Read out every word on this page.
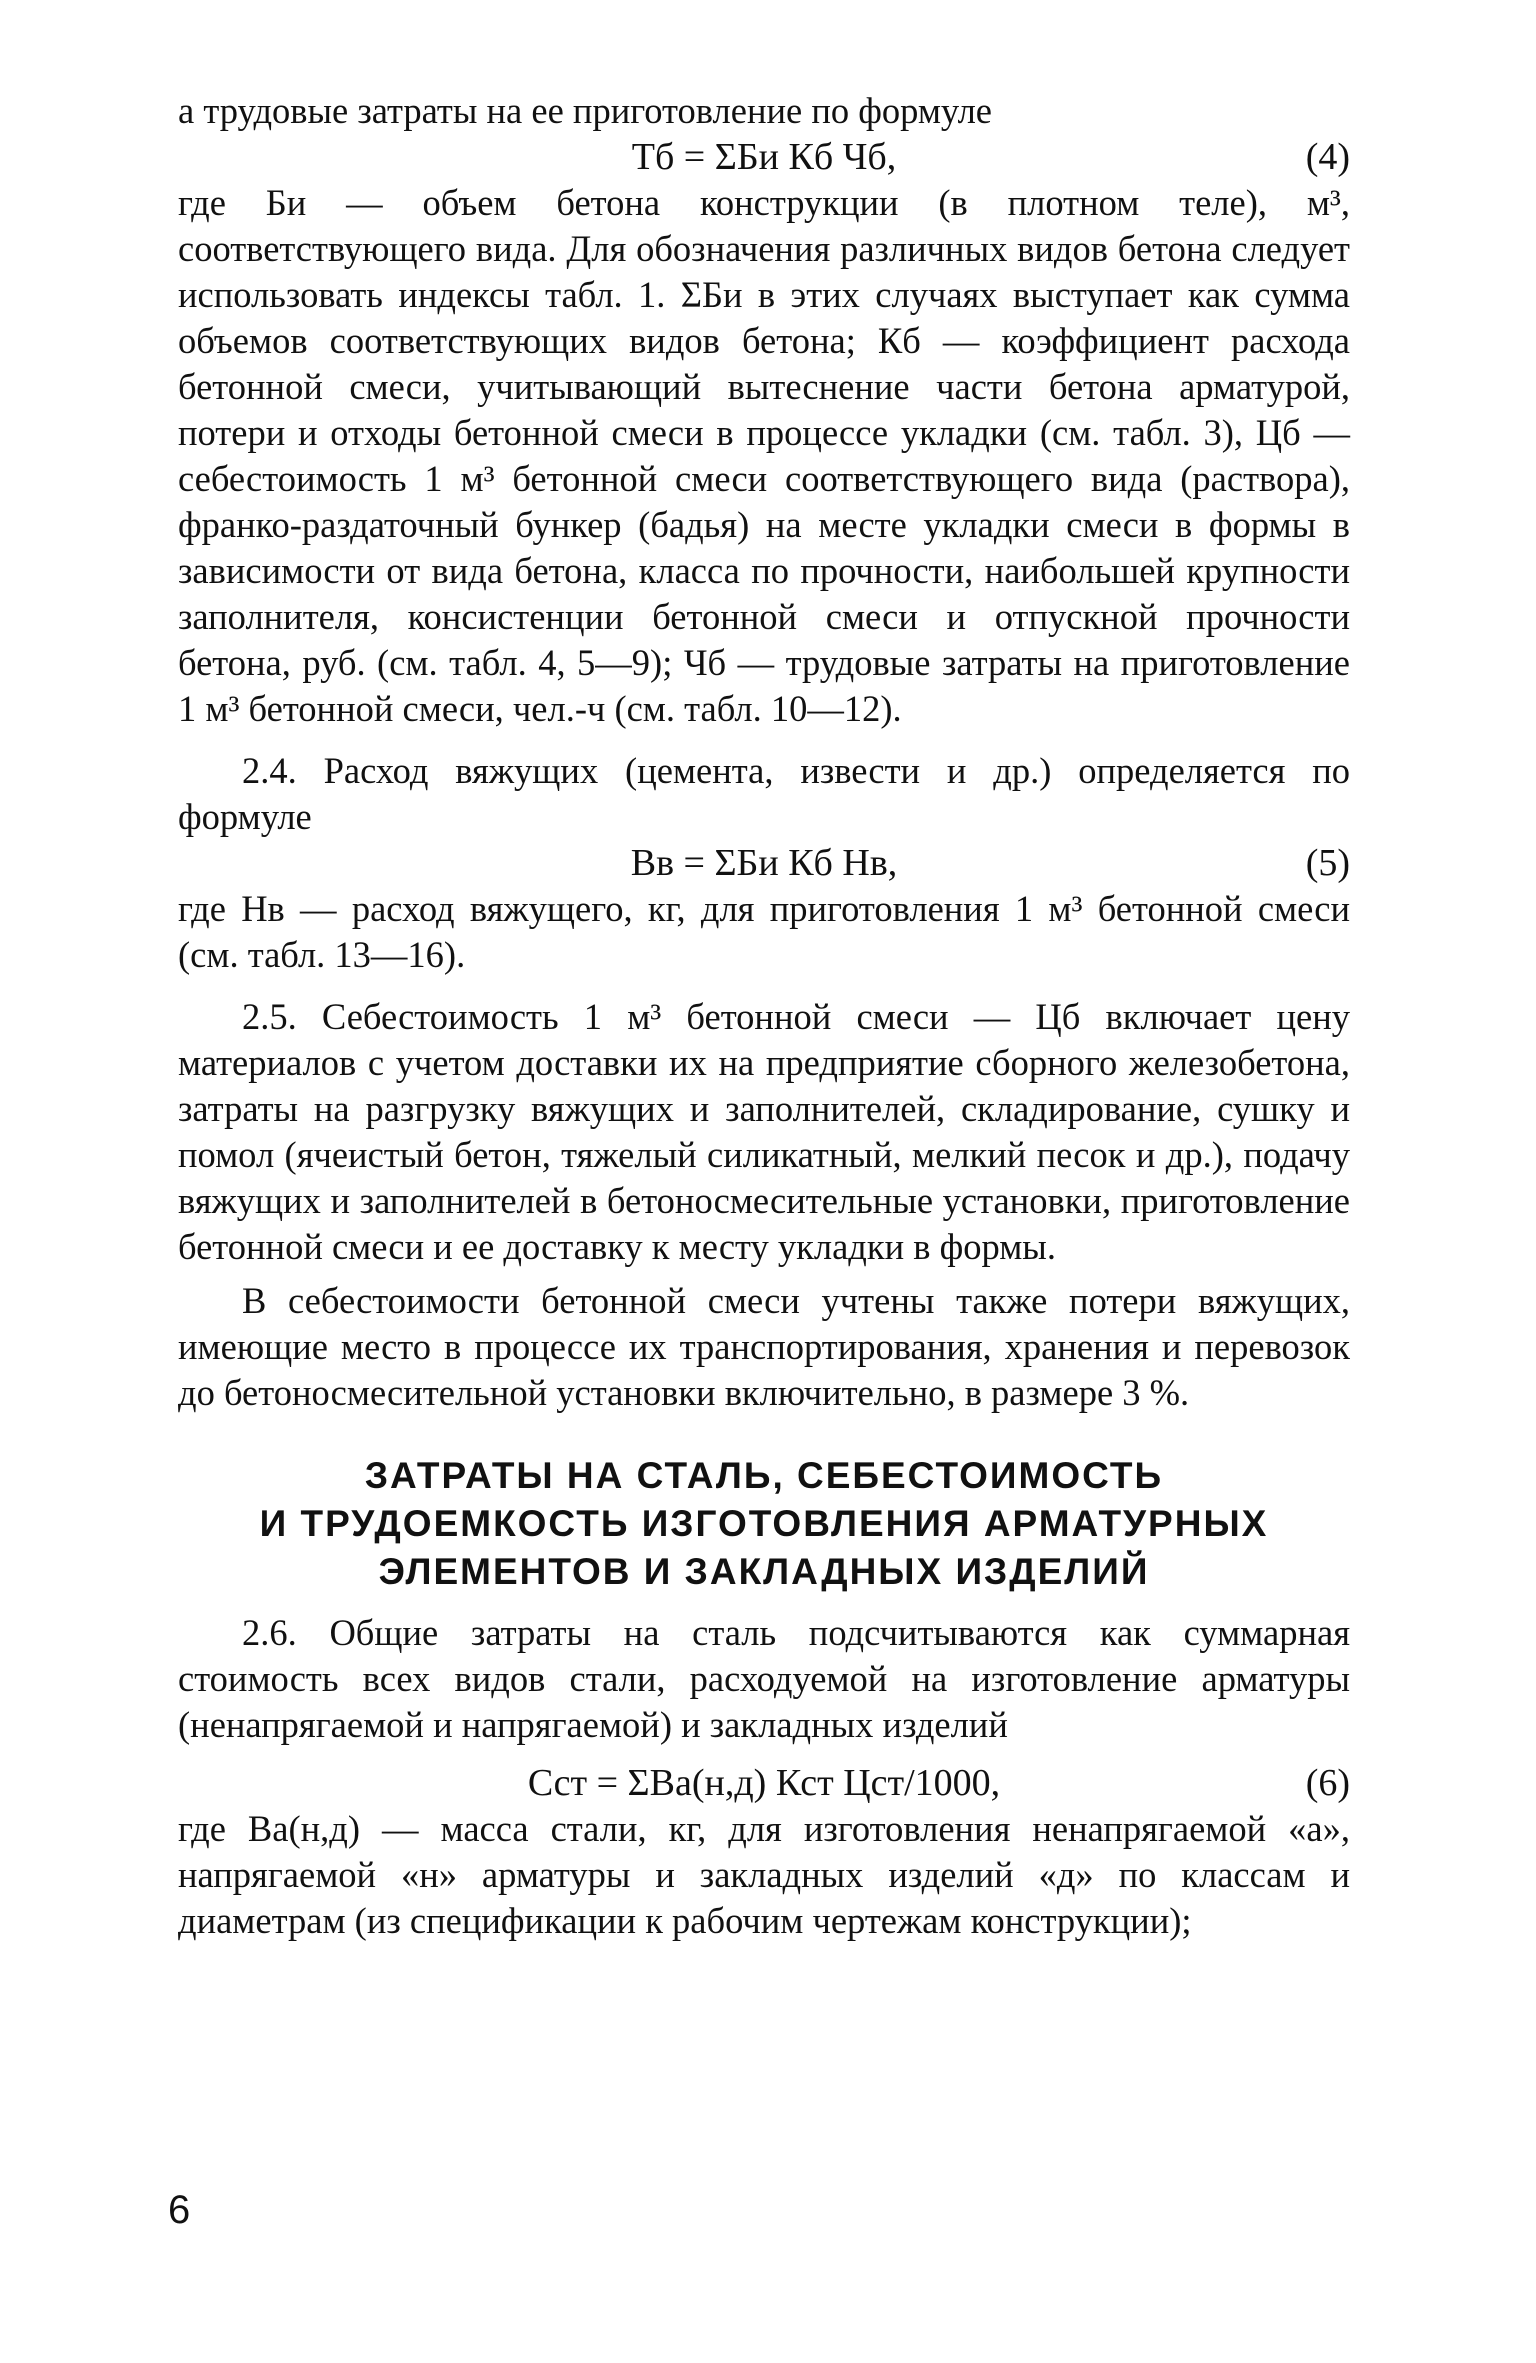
а трудовые затраты на ее приготовление по формуле

Тб = ΣБи Кб Чб,	(4)

где Би — объем бетона конструкции (в плотном теле), м³, соответствующего вида. Для обозначения различных видов бетона следует использовать индексы табл. 1. ΣБи в этих случаях выступает как сумма объемов соответствующих видов бетона; Кб — коэффициент расхода бетонной смеси, учитывающий вытеснение части бетона арматурой, потери и отходы бетонной смеси в процессе укладки (см. табл. 3), Цб — себестоимость 1 м³ бетонной смеси соответствующего вида (раствора), франко-раздаточный бункер (бадья) на месте укладки смеси в формы в зависимости от вида бетона, класса по прочности, наибольшей крупности заполнителя, консистенции бетонной смеси и отпускной прочности бетона, руб. (см. табл. 4, 5—9); Чб — трудовые затраты на приготовление 1 м³ бетонной смеси, чел.-ч (см. табл. 10—12).

2.4. Расход вяжущих (цемента, извести и др.) определяется по формуле

Вв = ΣБи Кб Нв,	(5)

где Нв — расход вяжущего, кг, для приготовления 1 м³ бетонной смеси (см. табл. 13—16).

2.5. Себестоимость 1 м³ бетонной смеси — Цб включает цену материалов с учетом доставки их на предприятие сборного железобетона, затраты на разгрузку вяжущих и заполнителей, складирование, сушку и помол (ячеистый бетон, тяжелый силикатный, мелкий песок и др.), подачу вяжущих и заполнителей в бетоносмесительные установки, приготовление бетонной смеси и ее доставку к месту укладки в формы.

В себестоимости бетонной смеси учтены также потери вяжущих, имеющие место в процессе их транспортирования, хранения и перевозок до бетоносмесительной установки включительно, в размере 3 %.

ЗАТРАТЫ НА СТАЛЬ, СЕБЕСТОИМОСТЬ

И ТРУДОЕМКОСТЬ ИЗГОТОВЛЕНИЯ АРМАТУРНЫХ

ЭЛЕМЕНТОВ И ЗАКЛАДНЫХ ИЗДЕЛИЙ

2.6. Общие затраты на сталь подсчитываются как суммарная стоимость всех видов стали, расходуемой на изготовление арматуры (ненапрягаемой и напрягаемой) и закладных изделий

Сст = ΣВа(н,д) Кст Цст/1000,	(6)

где Ва(н,д) — масса стали, кг, для изготовления ненапрягаемой «а», напрягаемой «н» арматуры и закладных изделий «д» по классам и диаметрам (из спецификации к рабочим чертежам конструкции);

6
